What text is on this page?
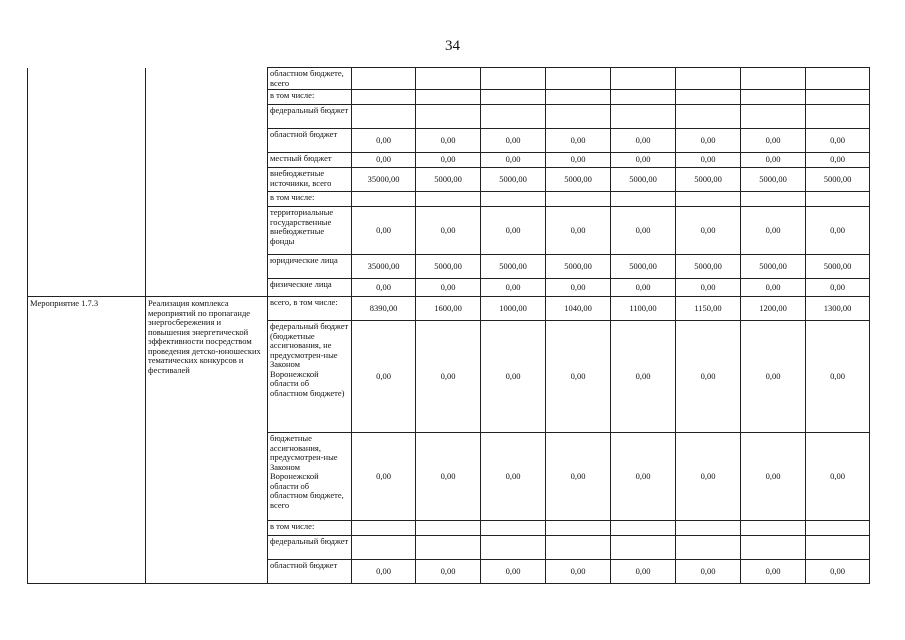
34
		областном бюджете, всего								
		в том числе:								
		федеральный бюджет								
		областной бюджет	0,00	0,00	0,00	0,00	0,00	0,00	0,00	0,00
		местный бюджет	0,00	0,00	0,00	0,00	0,00	0,00	0,00	0,00
		внебюджетные источники, всего	35000,00	5000,00	5000,00	5000,00	5000,00	5000,00	5000,00	5000,00
		в том числе:								
		территориальные государственные внебюджетные фонды	0,00	0,00	0,00	0,00	0,00	0,00	0,00	0,00
		юридические лица	35000,00	5000,00	5000,00	5000,00	5000,00	5000,00	5000,00	5000,00
		физические лица	0,00	0,00	0,00	0,00	0,00	0,00	0,00	0,00
Мероприятие 1.7.3	Реализация комплекса мероприятий по пропаганде энергосбережения и повышения энергетической эффективности посредством проведения детско-юношеских тематических конкурсов и фестивалей	всего, в том числе:	8390,00	1600,00	1000,00	1040,00	1100,00	1150,00	1200,00	1300,00
		федеральный бюджет (бюджетные ассигнования, не предусмотрен-ные Законом Воронежской области об областном бюджете)	0,00	0,00	0,00	0,00	0,00	0,00	0,00	0,00
		бюджетные ассигнования, предусмотрен-ные Законом Воронежской области об областном бюджете, всего	0,00	0,00	0,00	0,00	0,00	0,00	0,00	0,00
		в том числе:								
		федеральный бюджет								
		областной бюджет	0,00	0,00	0,00	0,00	0,00	0,00	0,00	0,00
